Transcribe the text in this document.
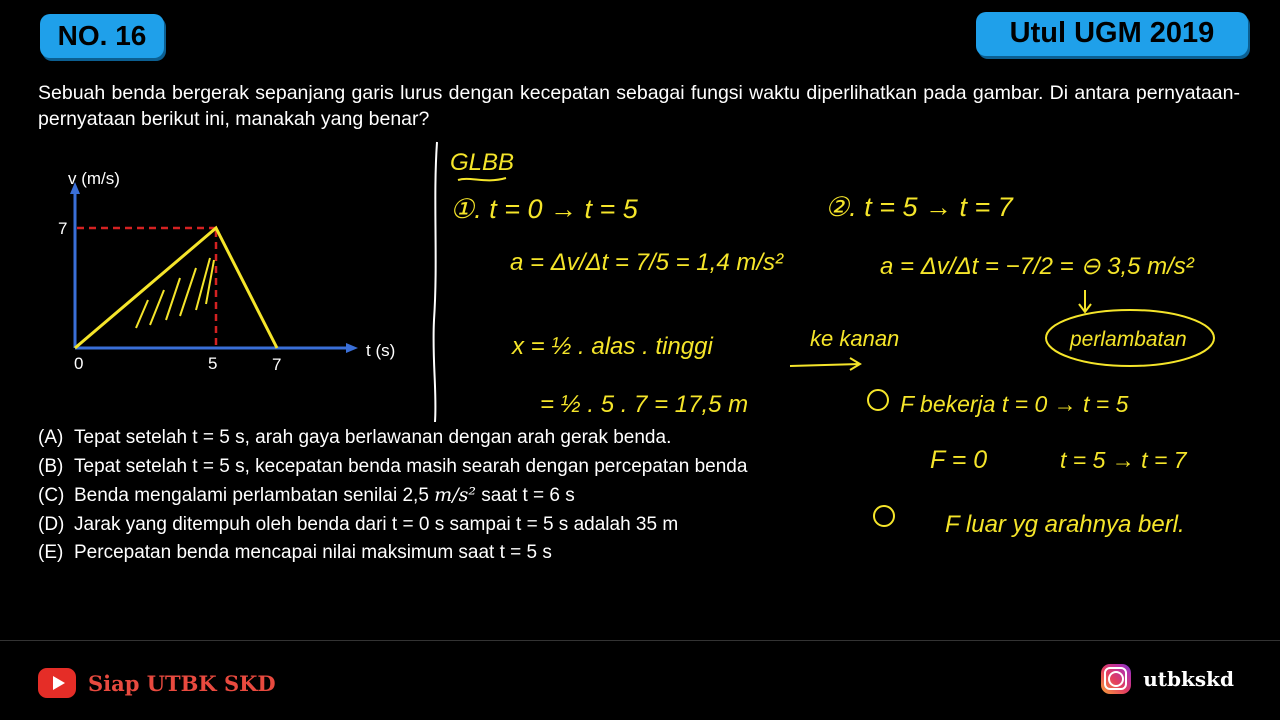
NO. 16	Utul UGM 2019
Sebuah benda bergerak sepanjang garis lurus dengan kecepatan sebagai fungsi waktu diperlihatkan pada gambar. Di antara pernyataan-pernyataan berikut ini, manakah yang benar?
v (m/s)
t (s)
7
0	5	7
(A) Tepat setelah t = 5 s, arah gaya berlawanan dengan arah gerak benda.
(B) Tepat setelah t = 5 s, kecepatan benda masih searah dengan percepatan benda
(C) Benda mengalami perlambatan senilai 2,5 m/s² saat t = 6 s
(D) Jarak yang ditempuh oleh benda dari t = 0 s sampai t = 5 s adalah 35 m
(E) Percepatan benda mencapai nilai maksimum saat t = 5 s
GLBB
①. t = 0 → t = 5
a = Δv/Δt = 7/5 = 1,4 m/s²
x = ½ . alas . tinggi
= ½ . 5 . 7 = 17,5 m
ke kanan
②. t = 5 → t = 7
a = Δv/Δt = −7/2 = ⊖ 3,5 m/s²
perlambatan
F bekerja t = 0 → t = 5
F = 0	t = 5 → t = 7
F luar yg arahnya berl.
Siap UTBK SKD	utbkskd
